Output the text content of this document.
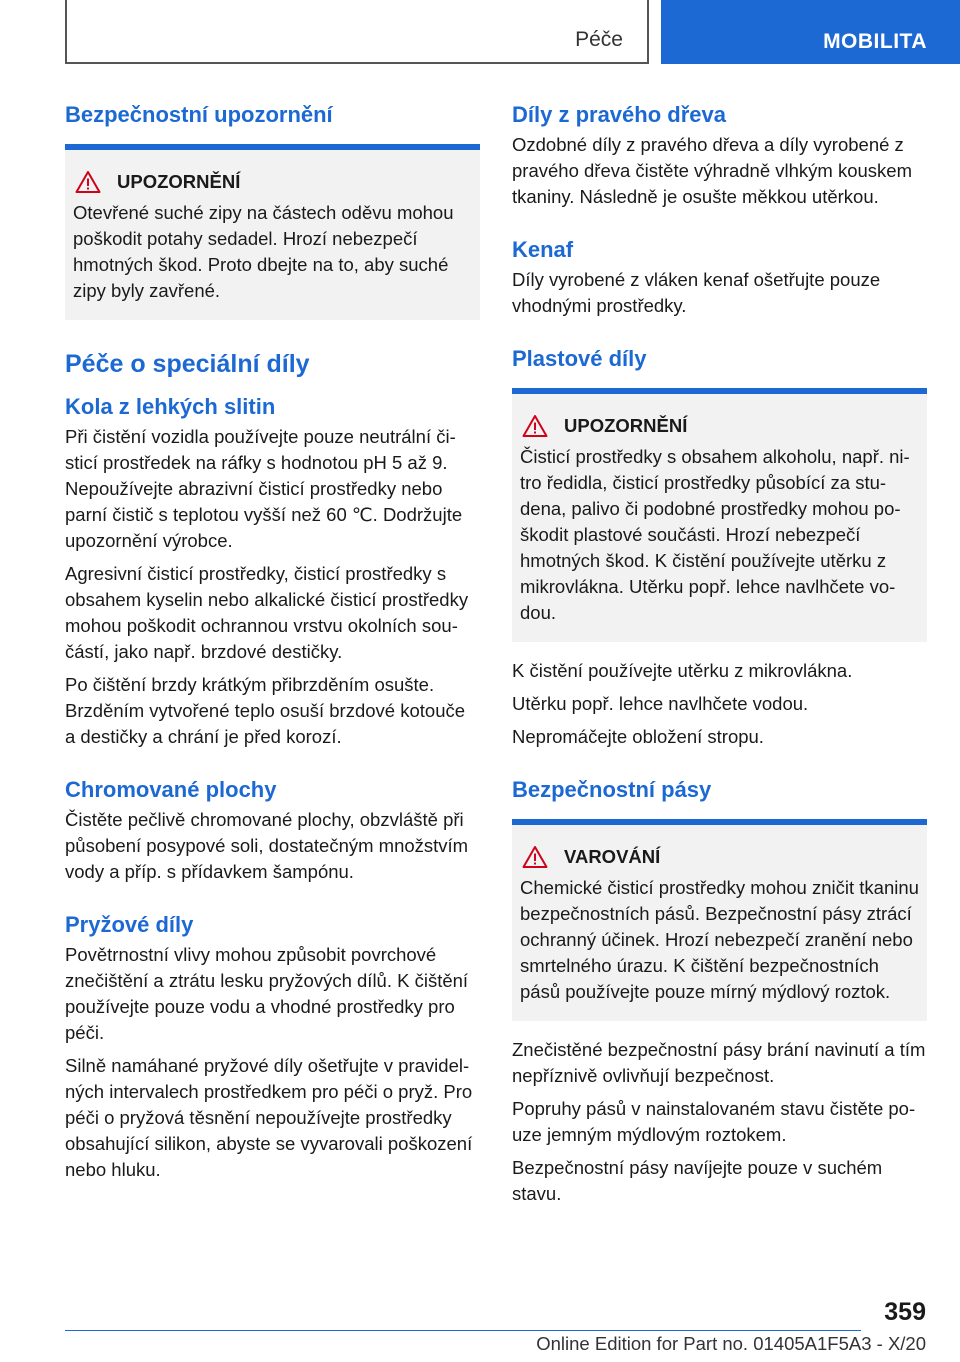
Péče	MOBILITA
Bezpečnostní upozornění
UPOZORNĚNÍ

Otevřené suché zipy na částech oděvu mohou poškodit potahy sedadel. Hrozí nebezpečí hmotných škod. Proto dbejte na to, aby suché zipy byly zavřené.

Péče o speciální díly
Kola z lehkých slitin

Při čistění vozidla používejte pouze neutrální čisticí prostředek na ráfky s hodnotou pH 5 až 9. Nepoužívejte abrazivní čisticí prostředky nebo parní čistič s teplotou vyšší než 60 ℃. Dodržujte upozornění výrobce.

Agresivní čisticí prostředky, čisticí prostředky s obsahem kyselin nebo alkalické čisticí prostředky mohou poškodit ochrannou vrstvu okolních součástí, jako např. brzdové destičky.

Po čištění brzdy krátkým přibrzděním osušte. Brzděním vytvořené teplo osuší brzdové kotouče a destičky a chrání je před korozí.

Chromované plochy

Čistěte pečlivě chromované plochy, obzvláště při působení posypové soli, dostatečným množstvím vody a příp. s přídavkem šampónu.

Pryžové díly

Povětrnostní vlivy mohou způsobit povrchové znečištění a ztrátu lesku pryžových dílů. K čištění používejte pouze vodu a vhodné prostředky pro péči.

Silně namáhané pryžové díly ošetřujte v pravidelných intervalech prostředkem pro péči o pryž. Pro péči o pryžová těsnění nepoužívejte prostředky obsahující silikon, abyste se vyvarovali poškození nebo hluku.

Díly z pravého dřeva

Ozdobné díly z pravého dřeva a díly vyrobené z pravého dřeva čistěte výhradně vlhkým kouskem tkaniny. Následně je osušte měkkou utěrkou.

Kenaf

Díly vyrobené z vláken kenaf ošetřujte pouze vhodnými prostředky.

Plastové díly
UPOZORNĚNÍ

Čisticí prostředky s obsahem alkoholu, např. nitro ředidla, čisticí prostředky působící za studena, palivo či podobné prostředky mohou poškodit plastové součásti. Hrozí nebezpečí hmotných škod. K čistění používejte utěrku z mikrovlákna. Utěrku popř. lehce navlhčete vodou.

K čistění používejte utěrku z mikrovlákna.

Utěrku popř. lehce navlhčete vodou.

Nepromáčejte obložení stropu.

Bezpečnostní pásy
VAROVÁNÍ

Chemické čisticí prostředky mohou zničit tkaninu bezpečnostních pásů. Bezpečnostní pásy ztrácí ochranný účinek. Hrozí nebezpečí zranění nebo smrtelného úrazu. K čištění bezpečnostních pásů používejte pouze mírný mýdlový roztok.

Znečistěné bezpečnostní pásy brání navinutí a tím nepříznivě ovlivňují bezpečnost.

Popruhy pásů v nainstalovaném stavu čistěte pouze jemným mýdlovým roztokem.

Bezpečnostní pásy navíjejte pouze v suchém stavu.

359
Online Edition for Part no. 01405A1F5A3 - X/20
